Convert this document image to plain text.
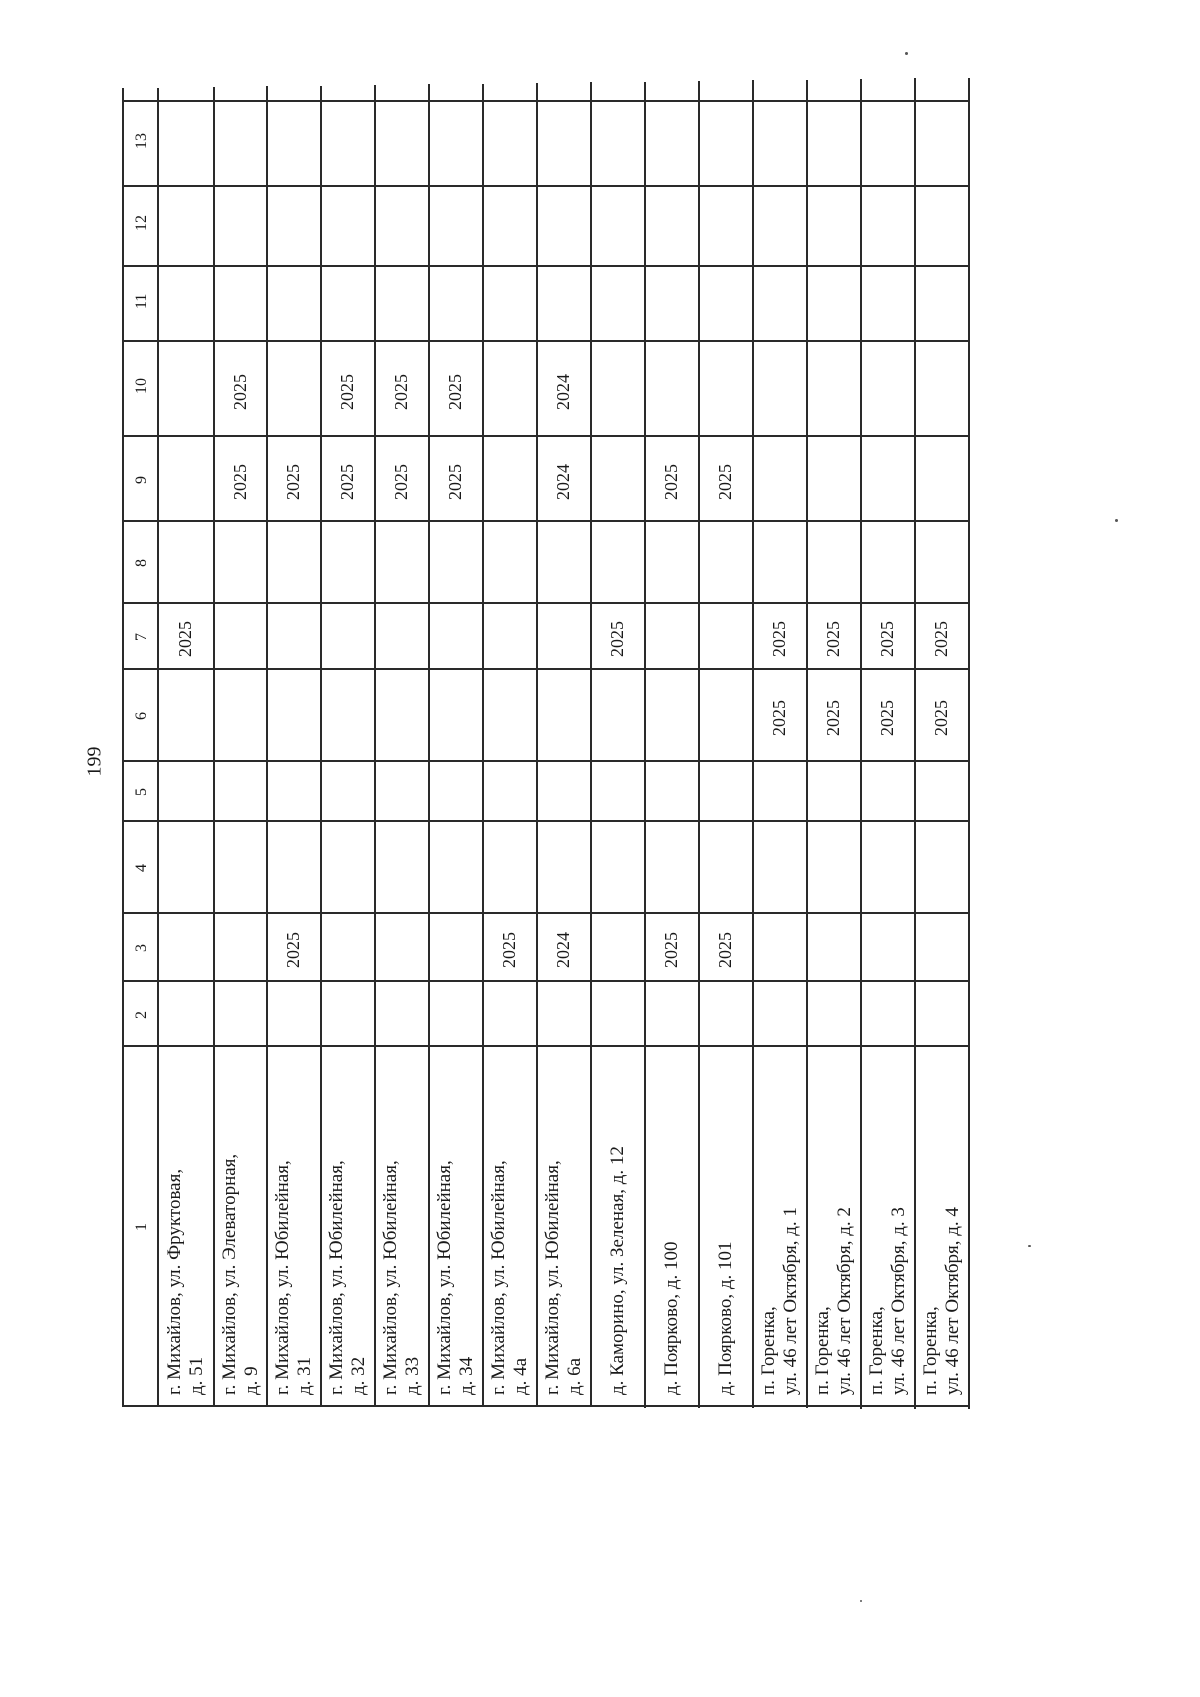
199
1
2
3
4
5
6
7
8
9
10
11
12
13
г. Михайлов, ул. Фруктовая, д. 51
2025
г. Михайлов, ул. Элеваторная, д. 9
2025
2025
г. Михайлов, ул. Юбилейная, д. 31
2025
2025
г. Михайлов, ул. Юбилейная, д. 32
2025
2025
г. Михайлов, ул. Юбилейная, д. 33
2025
2025
г. Михайлов, ул. Юбилейная, д. 34
2025
2025
г. Михайлов, ул. Юбилейная, д. 4а
2025
г. Михайлов, ул. Юбилейная, д. 6а
2024
2024
2024
д. Каморино, ул. Зеленая, д. 12
2025
д. Поярково, д. 100
2025
2025
д. Поярково, д. 101
2025
2025
п. Горенка, ул. 46 лет Октября, д. 1
2025
2025
п. Горенка, ул. 46 лет Октября, д. 2
2025
2025
п. Горенка, ул. 46 лет Октября, д. 3
2025
2025
п. Горенка, ул. 46 лет Октября, д. 4
2025
2025
